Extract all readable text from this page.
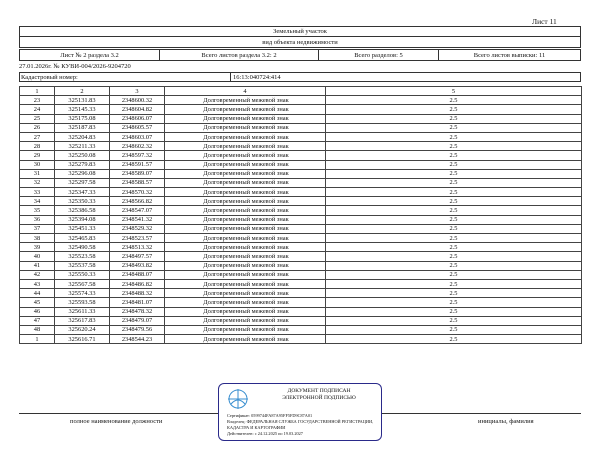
Лист 11
Земельный участок
вид объекта недвижимости
Лист № 2 раздела 3.2	Всего листов раздела 3.2: 2	Всего разделов: 5	Всего листов выписки: 11
27.01.2026г. № КУВИ-004/2026-9204720
Кадастровый номер:	16:13:040724:414
1	2	3	4	5
23	325131.83	2348600.32	Долговременный межевой знак	2.5
24	325145.33	2348604.82	Долговременный межевой знак	2.5
25	325175.08	2348606.07	Долговременный межевой знак	2.5
26	325187.83	2348605.57	Долговременный межевой знак	2.5
27	325204.83	2348603.07	Долговременный межевой знак	2.5
28	325211.33	2348602.32	Долговременный межевой знак	2.5
29	325250.08	2348597.32	Долговременный межевой знак	2.5
30	325279.83	2348591.57	Долговременный межевой знак	2.5
31	325296.08	2348589.07	Долговременный межевой знак	2.5
32	325297.58	2348588.57	Долговременный межевой знак	2.5
33	325347.33	2348570.32	Долговременный межевой знак	2.5
34	325350.33	2348566.82	Долговременный межевой знак	2.5
35	325386.58	2348547.07	Долговременный межевой знак	2.5
36	325394.08	2348541.32	Долговременный межевой знак	2.5
37	325451.33	2348529.32	Долговременный межевой знак	2.5
38	325465.83	2348523.57	Долговременный межевой знак	2.5
39	325490.58	2348513.32	Долговременный межевой знак	2.5
40	325523.58	2348497.57	Долговременный межевой знак	2.5
41	325537.58	2348493.82	Долговременный межевой знак	2.5
42	325550.33	2348488.07	Долговременный межевой знак	2.5
43	325567.58	2348486.82	Долговременный межевой знак	2.5
44	325574.33	2348488.32	Долговременный межевой знак	2.5
45	325593.58	2348481.07	Долговременный межевой знак	2.5
46	325611.33	2348478.32	Долговременный межевой знак	2.5
47	325617.83	2348479.07	Долговременный межевой знак	2.5
48	325620.24	2348479.56	Долговременный межевой знак	2.5
1	325616.71	2348544.23	Долговременный межевой знак	2.5
полное наименование должности	инициалы, фамилия
ДОКУМЕНТ ПОДПИСАН
ЭЛЕКТРОННОЙ ПОДПИСЬЮ
Сертификат: 0599744FA87A95FF5FD9C87A01
Владелец: ФЕДЕРАЛЬНАЯ СЛУЖБА ГОСУДАРСТВЕННОЙ РЕГИСТРАЦИИ,
КАДАСТРА И КАРТОГРАФИИ
Действителен: с 24.12.2025 по 19.03.2027
